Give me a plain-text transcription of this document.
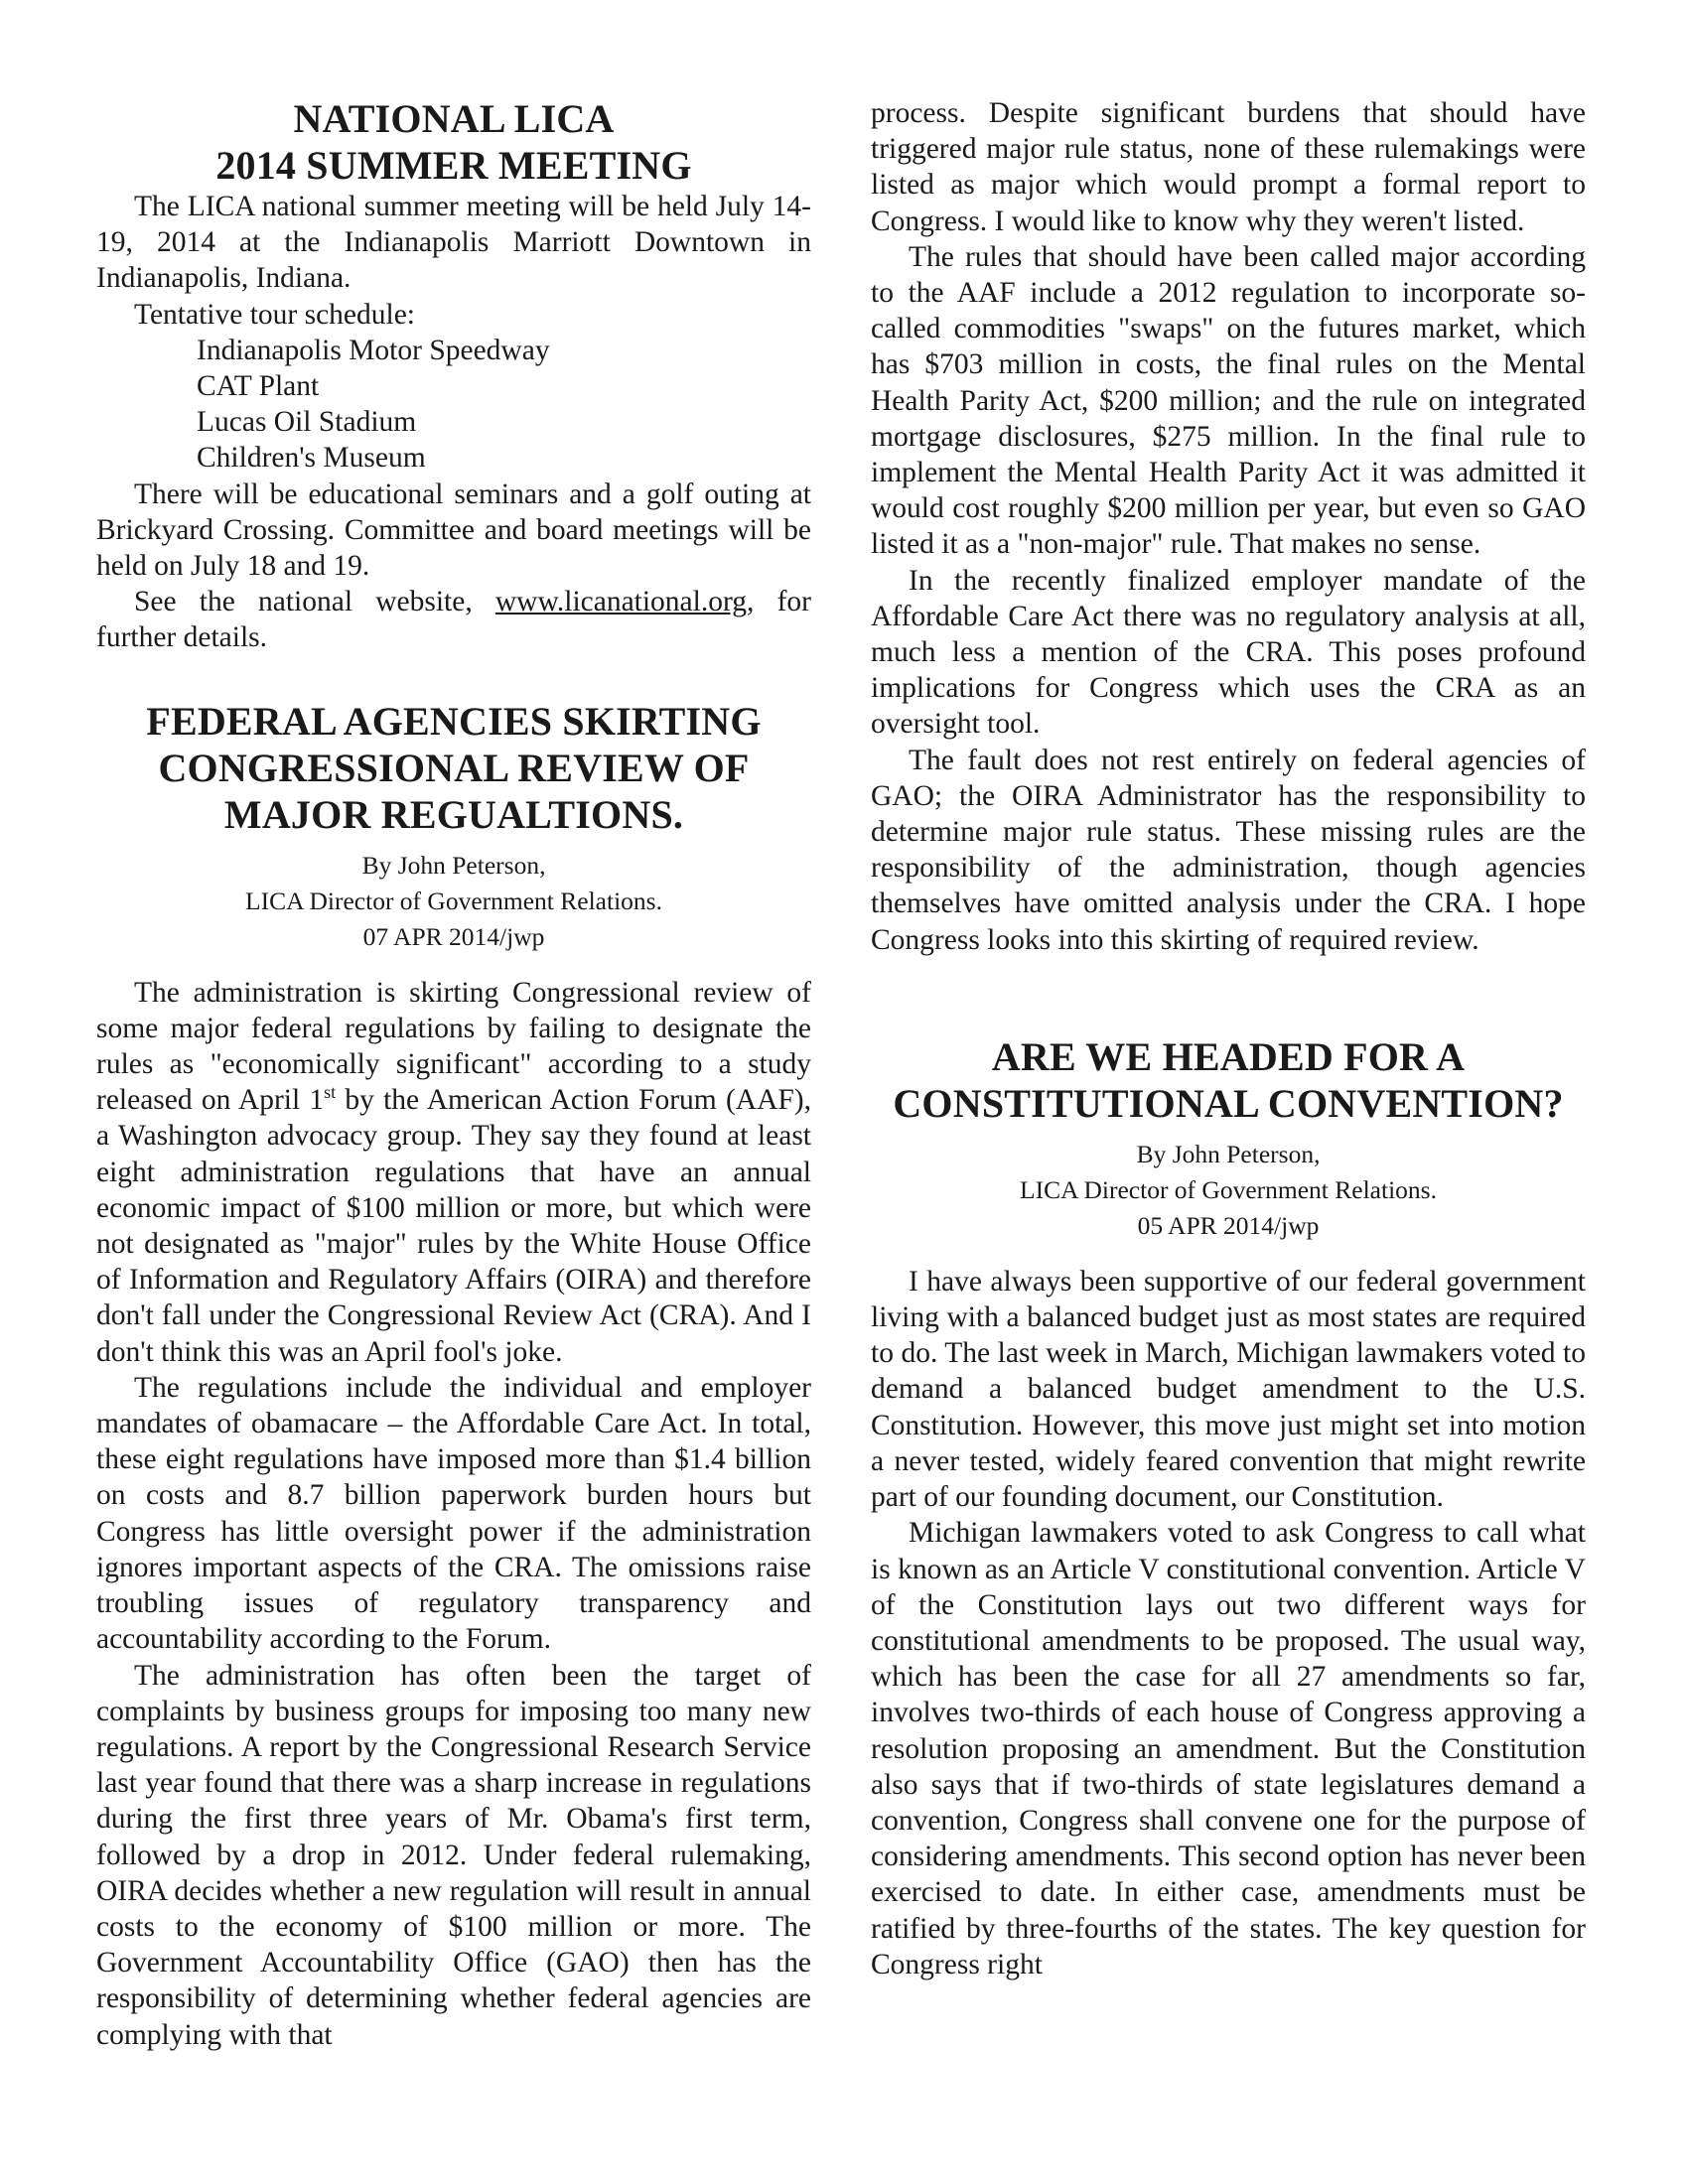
NATIONAL LICA
2014 SUMMER MEETING

The LICA national summer meeting will be held July 14-19, 2014 at the Indianapolis Marriott Downtown in Indianapolis, Indiana.

Tentative tour schedule:

Indianapolis Motor Speedway
CAT Plant
Lucas Oil Stadium
Children's Museum

There will be educational seminars and a golf outing at Brickyard Crossing. Committee and board meetings will be held on July 18 and 19.

See the national website, www.licanational.org, for further details.

FEDERAL AGENCIES SKIRTING
CONGRESSIONAL REVIEW OF
MAJOR REGUALTIONS.
By John Peterson,
LICA Director of Government Relations.
07 APR 2014/jwp

The administration is skirting Congressional review of some major federal regulations by failing to designate the rules as "economically significant" according to a study released on April 1st by the American Action Forum (AAF), a Washington advocacy group. They say they found at least eight administration regulations that have an annual economic impact of $100 million or more, but which were not designated as "major" rules by the White House Office of Information and Regulatory Affairs (OIRA) and therefore don't fall under the Congressional Review Act (CRA). And I don't think this was an April fool's joke.

The regulations include the individual and employer mandates of obamacare – the Affordable Care Act. In total, these eight regulations have imposed more than $1.4 billion on costs and 8.7 billion paperwork burden hours but Congress has little oversight power if the administration ignores important aspects of the CRA. The omissions raise troubling issues of regulatory transparency and accountability according to the Forum.

The administration has often been the target of complaints by business groups for imposing too many new regulations. A report by the Congressional Research Service last year found that there was a sharp increase in regulations during the first three years of Mr. Obama's first term, followed by a drop in 2012. Under federal rulemaking, OIRA decides whether a new regulation will result in annual costs to the economy of $100 million or more. The Government Accountability Office (GAO) then has the responsibility of determining whether federal agencies are complying with that

process. Despite significant burdens that should have triggered major rule status, none of these rulemakings were listed as major which would prompt a formal report to Congress. I would like to know why they weren't listed.

The rules that should have been called major according to the AAF include a 2012 regulation to incorporate so-called commodities "swaps" on the futures market, which has $703 million in costs, the final rules on the Mental Health Parity Act, $200 million; and the rule on integrated mortgage disclosures, $275 million. In the final rule to implement the Mental Health Parity Act it was admitted it would cost roughly $200 million per year, but even so GAO listed it as a "non-major" rule. That makes no sense.

In the recently finalized employer mandate of the Affordable Care Act there was no regulatory analysis at all, much less a mention of the CRA. This poses profound implications for Congress which uses the CRA as an oversight tool.

The fault does not rest entirely on federal agencies of GAO; the OIRA Administrator has the responsibility to determine major rule status. These missing rules are the responsibility of the administration, though agencies themselves have omitted analysis under the CRA. I hope Congress looks into this skirting of required review.

ARE WE HEADED FOR A
CONSTITUTIONAL CONVENTION?
By John Peterson,
LICA Director of Government Relations.
05 APR 2014/jwp

I have always been supportive of our federal government living with a balanced budget just as most states are required to do. The last week in March, Michigan lawmakers voted to demand a balanced budget amendment to the U.S. Constitution. However, this move just might set into motion a never tested, widely feared convention that might rewrite part of our founding document, our Constitution.

Michigan lawmakers voted to ask Congress to call what is known as an Article V constitutional convention. Article V of the Constitution lays out two different ways for constitutional amendments to be proposed. The usual way, which has been the case for all 27 amendments so far, involves two-thirds of each house of Congress approving a resolution proposing an amendment. But the Constitution also says that if two-thirds of state legislatures demand a convention, Congress shall convene one for the purpose of considering amendments. This second option has never been exercised to date. In either case, amendments must be ratified by three-fourths of the states. The key question for Congress right
